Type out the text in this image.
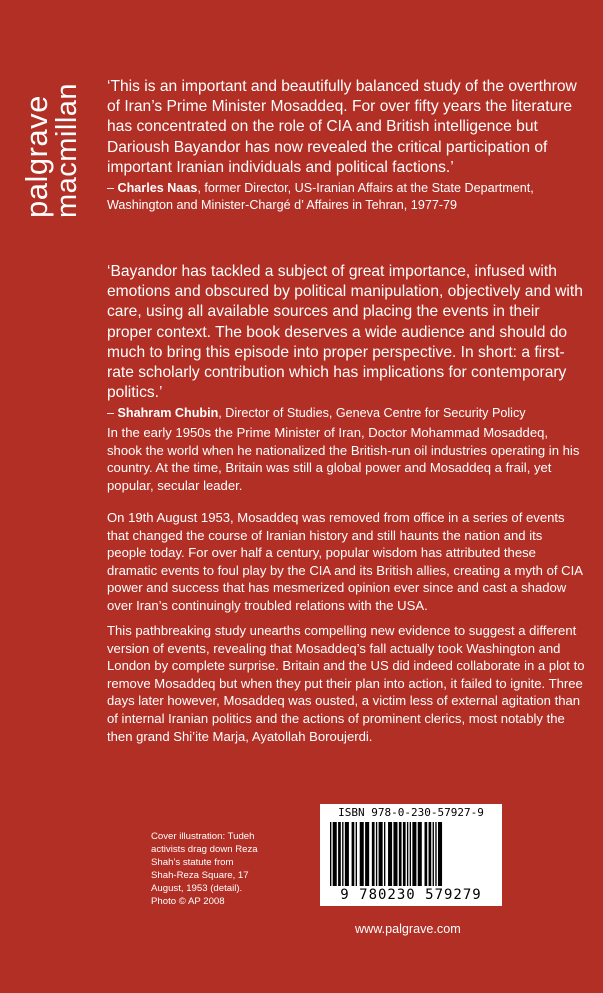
palgrave
macmillan ‘This is an important and beautifully balanced study of the overthrow of Iran’s Prime Minister Mosaddeq. For over fifty years the literature has concentrated on the role of CIA and British intelligence but Darioush Bayandor has now revealed the critical participation of important Iranian individuals and political factions.’

– Charles Naas, former Director, US-Iranian Affairs at the State Department, Washington and Minister-Chargé d’ Affaires in Tehran, 1977-79

‘Bayandor has tackled a subject of great importance, infused with emotions and obscured by political manipulation, objectively and with care, using all available sources and placing the events in their proper context. The book deserves a wide audience and should do much to bring this episode into proper perspective. In short: a first-rate scholarly contribution which has implications for contemporary politics.’

– Shahram Chubin, Director of Studies, Geneva Centre for Security Policy

In the early 1950s the Prime Minister of Iran, Doctor Mohammad Mosaddeq, shook the world when he nationalized the British-run oil industries operating in his country. At the time, Britain was still a global power and Mosaddeq a frail, yet popular, secular leader.

On 19th August 1953, Mosaddeq was removed from office in a series of events that changed the course of Iranian history and still haunts the nation and its people today. For over half a century, popular wisdom has attributed these dramatic events to foul play by the CIA and its British allies, creating a myth of CIA power and success that has mesmerized opinion ever since and cast a shadow over Iran’s continuingly troubled relations with the USA.

This pathbreaking study unearths compelling new evidence to suggest a different version of events, revealing that Mosaddeq’s fall actually took Washington and London by complete surprise. Britain and the US did indeed collaborate in a plot to remove Mosaddeq but when they put their plan into action, it failed to ignite. Three days later however, Mosaddeq was ousted, a victim less of external agitation than of internal Iranian politics and the actions of prominent clerics, most notably the then grand Shi’ite Marja, Ayatollah Boroujerdi.

Cover illustration: Tudeh activists drag down Reza Shah’s statute from Shah-Reza Square, 17 August, 1953 (detail). Photo © AP 2008
ISBN 978-0-230-57927-9
9 780230 579279
www.palgrave.com
